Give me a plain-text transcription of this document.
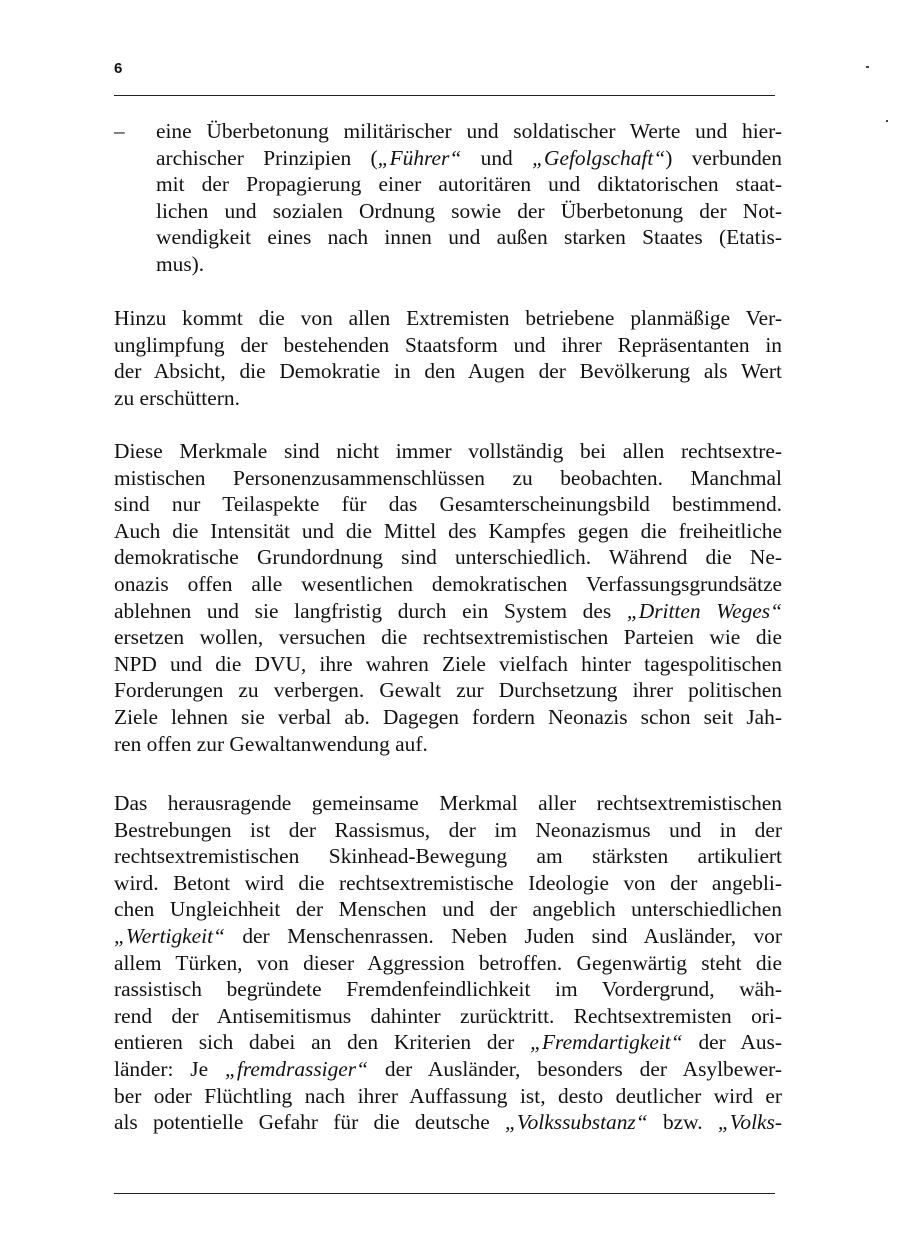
6
– eine Überbetonung militärischer und soldatischer Werte und hier-
archischer Prinzipien („Führer“ und „Gefolgschaft“) verbunden
mit der Propagierung einer autoritären und diktatorischen staat-
lichen und sozialen Ordnung sowie der Überbetonung der Not-
wendigkeit eines nach innen und außen starken Staates (Etatis-
mus).
Hinzu kommt die von allen Extremisten betriebene planmäßige Ver-
unglimpfung der bestehenden Staatsform und ihrer Repräsentanten in
der Absicht, die Demokratie in den Augen der Bevölkerung als Wert
zu erschüttern.
Diese Merkmale sind nicht immer vollständig bei allen rechtsextre-
mistischen Personenzusammenschlüssen zu beobachten. Manchmal
sind nur Teilaspekte für das Gesamterscheinungsbild bestimmend.
Auch die Intensität und die Mittel des Kampfes gegen die freiheitliche
demokratische Grundordnung sind unterschiedlich. Während die Ne-
onazis offen alle wesentlichen demokratischen Verfassungsgrundsätze
ablehnen und sie langfristig durch ein System des „Dritten Weges“
ersetzen wollen, versuchen die rechtsextremistischen Parteien wie die
NPD und die DVU, ihre wahren Ziele vielfach hinter tagespolitischen
Forderungen zu verbergen. Gewalt zur Durchsetzung ihrer politischen
Ziele lehnen sie verbal ab. Dagegen fordern Neonazis schon seit Jah-
ren offen zur Gewaltanwendung auf.
Das herausragende gemeinsame Merkmal aller rechtsextremistischen
Bestrebungen ist der Rassismus, der im Neonazismus und in der
rechtsextremistischen Skinhead-Bewegung am stärksten artikuliert
wird. Betont wird die rechtsextremistische Ideologie von der angebli-
chen Ungleichheit der Menschen und der angeblich unterschiedlichen
„Wertigkeit“ der Menschenrassen. Neben Juden sind Ausländer, vor
allem Türken, von dieser Aggression betroffen. Gegenwärtig steht die
rassistisch begründete Fremdenfeindlichkeit im Vordergrund, wäh-
rend der Antisemitismus dahinter zurücktritt. Rechtsextremisten ori-
entieren sich dabei an den Kriterien der „Fremdartigkeit“ der Aus-
länder: Je „fremdrassiger“ der Ausländer, besonders der Asylbewer-
ber oder Flüchtling nach ihrer Auffassung ist, desto deutlicher wird er
als potentielle Gefahr für die deutsche „Volkssubstanz“ bzw. „Volks-
